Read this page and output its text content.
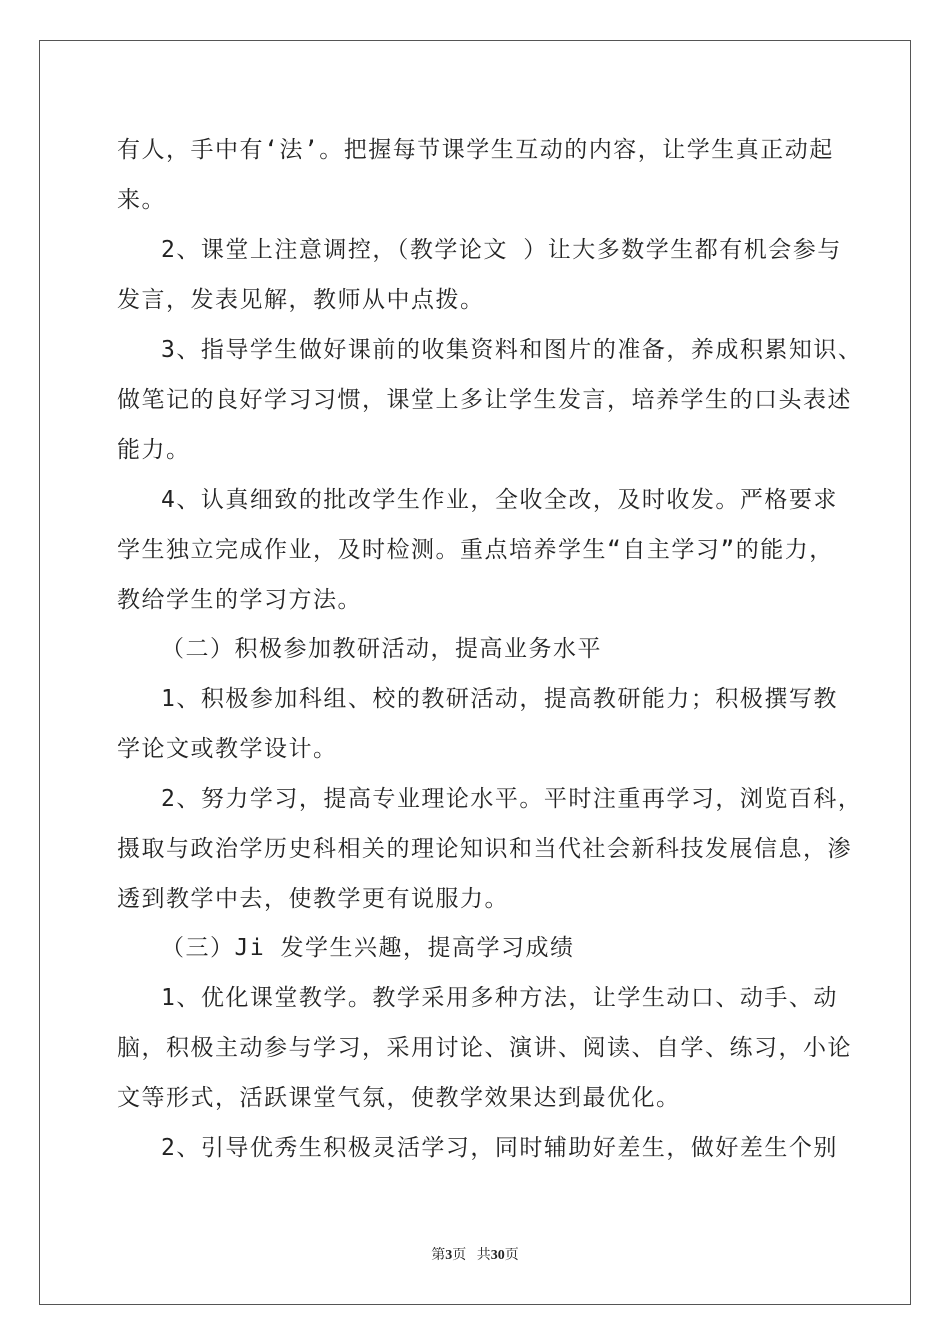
有人，手中有‘法’。把握每节课学生互动的内容，让学生真正动起
来。
2、课堂上注意调控，（教学论文 ）让大多数学生都有机会参与
发言，发表见解，教师从中点拨。
3、指导学生做好课前的收集资料和图片的准备，养成积累知识、
做笔记的良好学习习惯，课堂上多让学生发言，培养学生的口头表述
能力。
4、认真细致的批改学生作业，全收全改，及时收发。严格要求
学生独立完成作业，及时检测。重点培养学生“自主学习”的能力，
教给学生的学习方法。
（二）积极参加教研活动，提高业务水平
1、积极参加科组、校的教研活动，提高教研能力；积极撰写教
学论文或教学设计。
2、努力学习，提高专业理论水平。平时注重再学习，浏览百科，
摄取与政治学历史科相关的理论知识和当代社会新科技发展信息，渗
透到教学中去，使教学更有说服力。
（三）Ji 发学生兴趣，提高学习成绩
1、优化课堂教学。教学采用多种方法，让学生动口、动手、动
脑，积极主动参与学习，采用讨论、演讲、阅读、自学、练习，小论
文等形式，活跃课堂气氛，使教学效果达到最优化。
2、引导优秀生积极灵活学习，同时辅助好差生，做好差生个别
第3页 共30页
